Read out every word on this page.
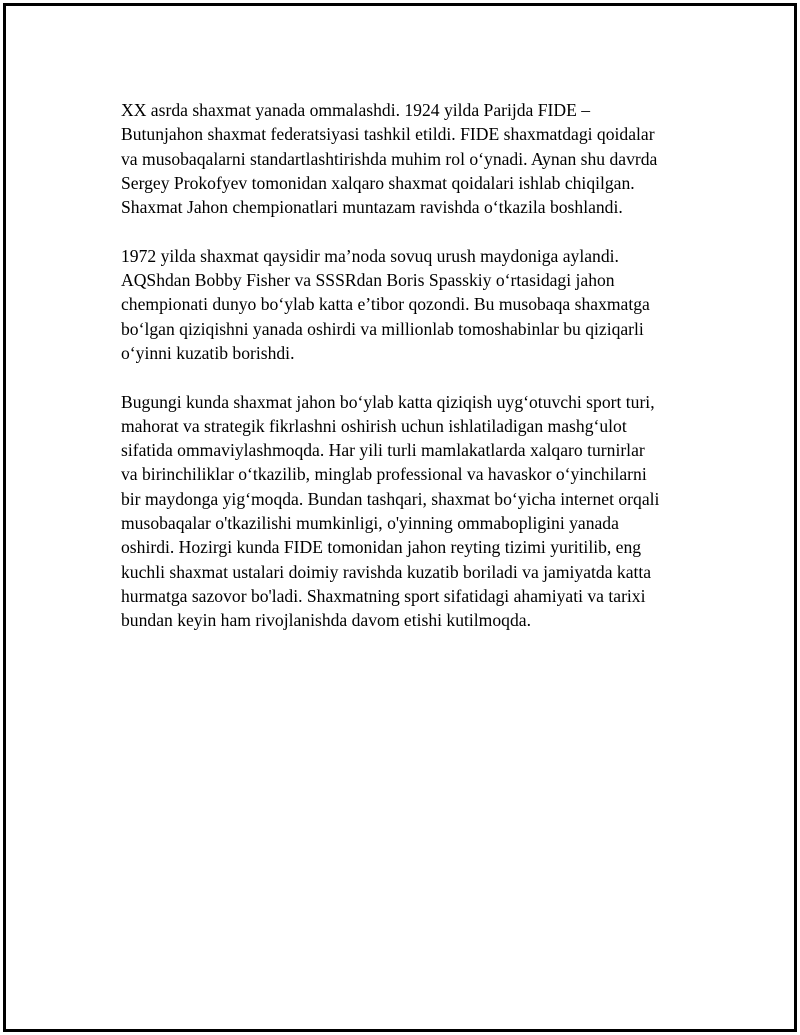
XX asrda shaxmat yanada ommalashdi. 1924 yilda Parijda FIDE –
Butunjahon shaxmat federatsiyasi tashkil etildi. FIDE shaxmatdagi qoidalar
va musobaqalarni standartlashtirishda muhim rol o‘ynadi. Aynan shu davrda
Sergey Prokofyev tomonidan xalqaro shaxmat qoidalari ishlab chiqilgan.
Shaxmat Jahon chempionatlari muntazam ravishda o‘tkazila boshlandi.

1972 yilda shaxmat qaysidir ma’noda sovuq urush maydoniga aylandi.
AQShdan Bobby Fisher va SSSRdan Boris Spasskiy o‘rtasidagi jahon
chempionati dunyo bo‘ylab katta e’tibor qozondi. Bu musobaqa shaxmatga
bo‘lgan qiziqishni yanada oshirdi va millionlab tomoshabinlar bu qiziqarli
o‘yinni kuzatib borishdi.

Bugungi kunda shaxmat jahon bo‘ylab katta qiziqish uyg‘otuvchi sport turi,
mahorat va strategik fikrlashni oshirish uchun ishlatiladigan mashg‘ulot
sifatida ommaviylashmoqda. Har yili turli mamlakatlarda xalqaro turnirlar
va birinchiliklar o‘tkazilib, minglab professional va havaskor o‘yinchilarni
bir maydonga yig‘moqda. Bundan tashqari, shaxmat bo‘yicha internet orqali
musobaqalar o'tkazilishi mumkinligi, o'yinning ommabopligini yanada
oshirdi. Hozirgi kunda FIDE tomonidan jahon reyting tizimi yuritilib, eng
kuchli shaxmat ustalari doimiy ravishda kuzatib boriladi va jamiyatda katta
hurmatga sazovor bo'ladi. Shaxmatning sport sifatidagi ahamiyati va tarixi
bundan keyin ham rivojlanishda davom etishi kutilmoqda.
